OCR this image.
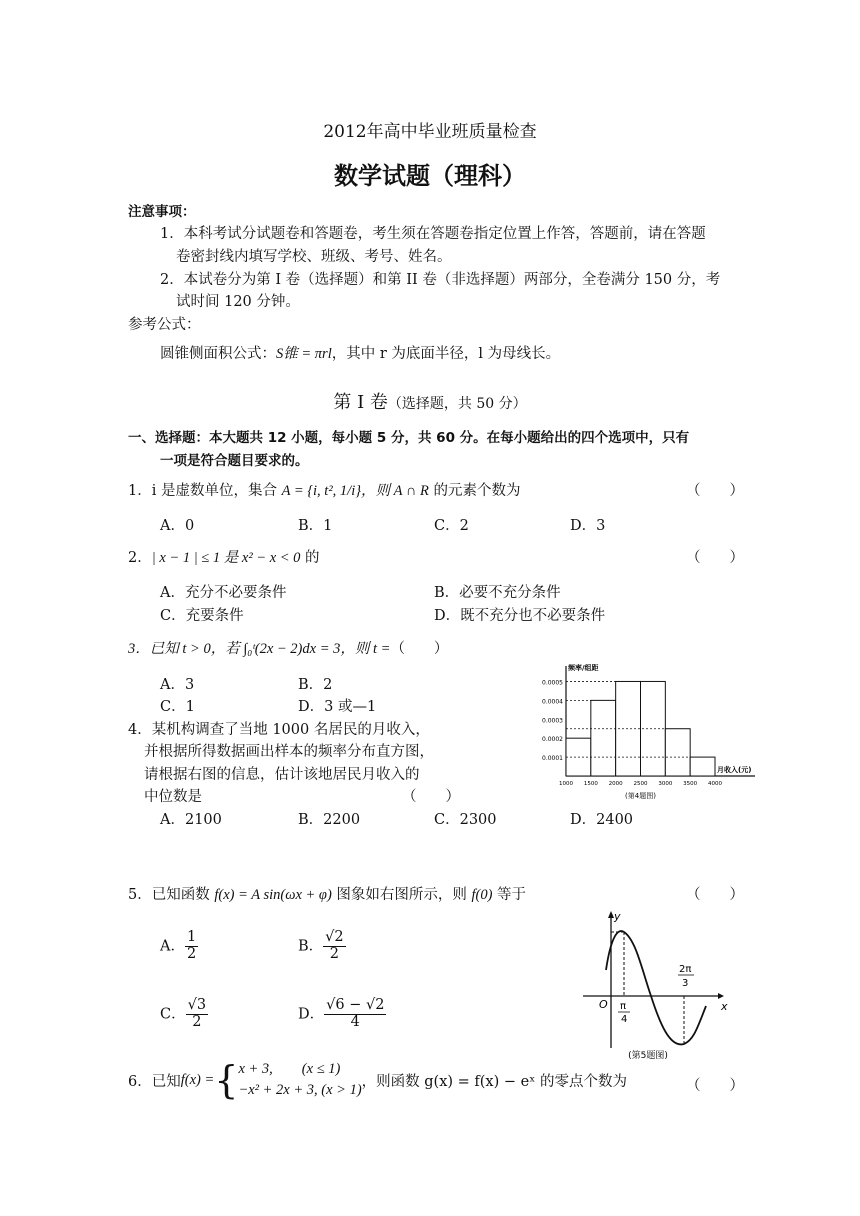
2012年高中毕业班质量检查
数学试题（理科）
注意事项：
1．本科考试分试题卷和答题卷，考生须在答题卷指定位置上作答，答题前，请在答题
卷密封线内填写学校、班级、考号、姓名。
2．本试卷分为第 I 卷（选择题）和第 II 卷（非选择题）两部分，全卷满分 150 分，考
试时间 120 分钟。
参考公式：
圆锥侧面积公式：S锥 = πrl，其中 r 为底面半径，l 为母线长。
第 I 卷（选择题，共 50 分）
一、选择题：本大题共 12 小题，每小题 5 分，共 60 分。在每小题给出的四个选项中，只有
一项是符合题目要求的。
1．i 是虚数单位，集合 A = {i, t², 1/i}，则 A ∩ R 的元素个数为	（　　）
A．0	B．1	C．2	D．3
2．| x − 1 | ≤ 1 是 x² − x < 0 的	（　　）
A．充分不必要条件	B．必要不充分条件
C．充要条件	D．既不充分也不必要条件
3．已知 t > 0，若 ∫₀ᵗ(2x − 2)dx = 3，则 t =（　　）
A．3	B．2
C．1	D．3 或—1
4．某机构调查了当地 1000 名居民的月收入，
并根据所得数据画出样本的频率分布直方图，
请根据右图的信息，估计该地居民月收入的
中位数是	（　　）
A．2100	B．2200	C．2300	D．2400
0.0001
0.0002
0.0003
0.0004
0.0005
1000 1500 2000 2500 3000 3500 4000
频率/组距
月收入(元)
(第4题图)
5．已知函数 f(x) = A sin(ωx + φ) 图象如右图所示，则 f(0) 等于	（　　）
A． $\frac{1}{2}$	B． $\frac{√2}{2}$
C． $\frac{√3}{2}$	D． $\frac{√6 - √2}{4}$	x
y
O π
4
2π
3
(第5题图)
6．已知 f(x) = { x + 3,　　(x ≤ 1)
−x² + 2x + 3, (x > 1)
，则函数 g(x) = f(x) − eˣ 的零点个数为	（　　）
